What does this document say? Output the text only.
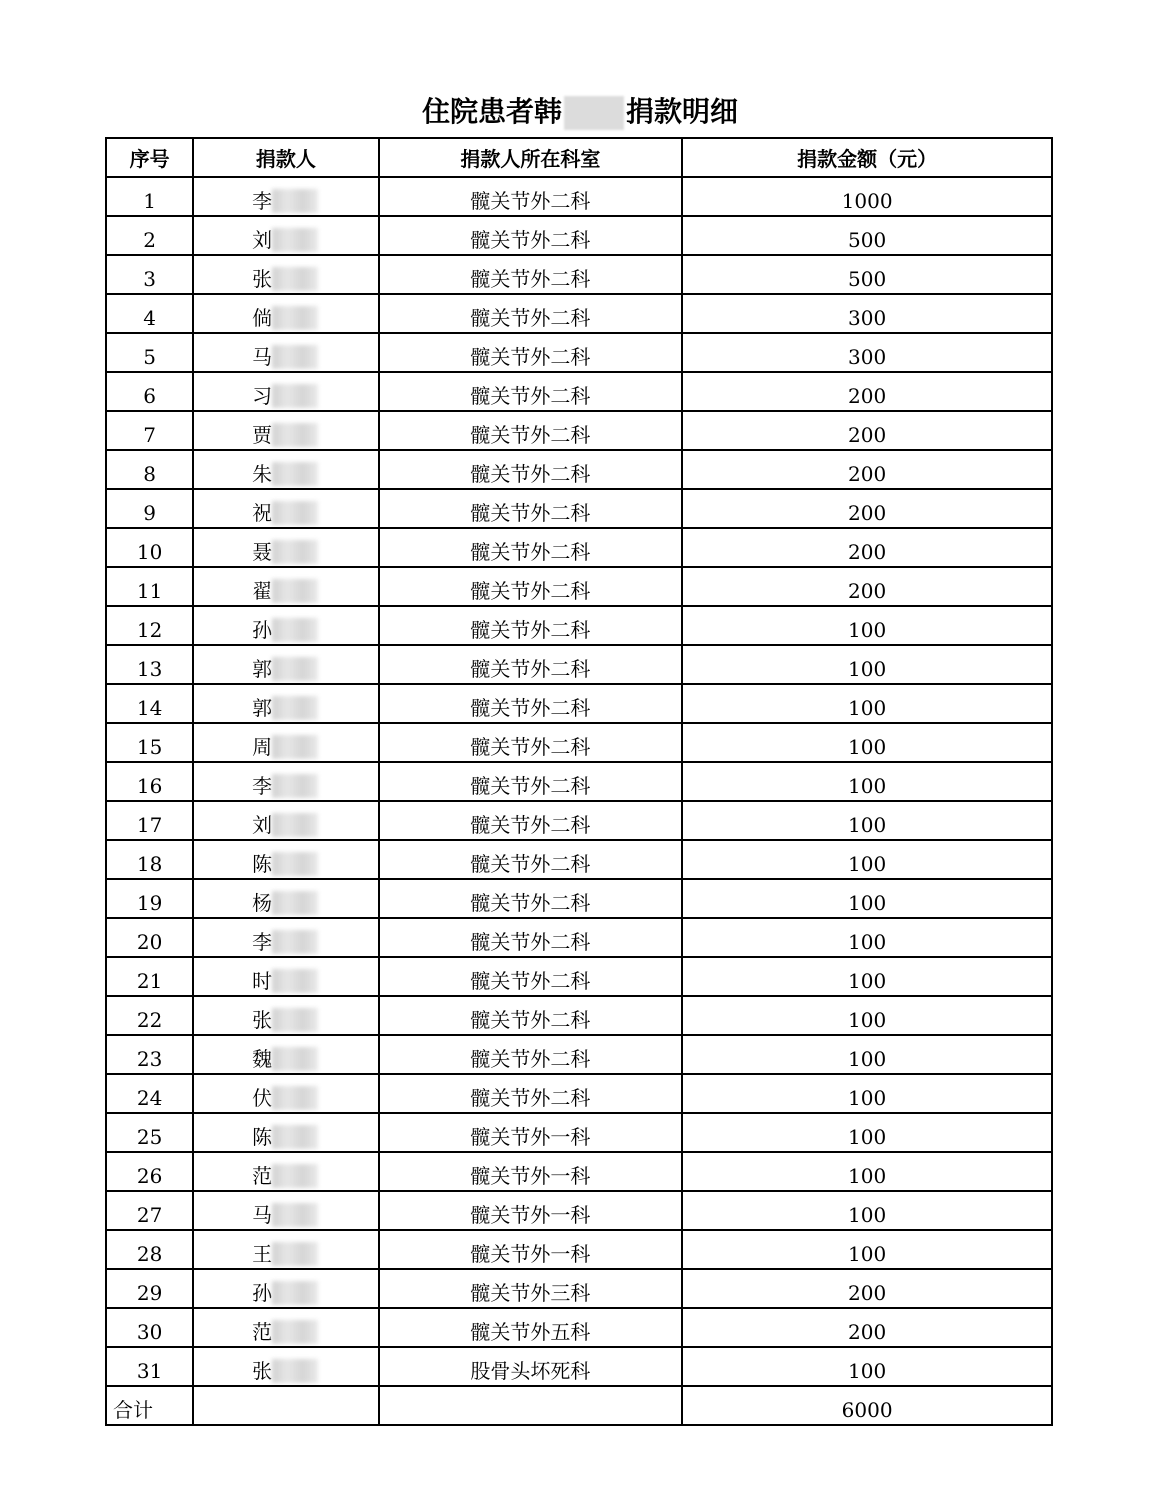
住院患者韩 捐款明细
序号	捐款人	捐款人所在科室	捐款金额（元）
1	李	髋关节外二科	1000
2	刘	髋关节外二科	500
3	张	髋关节外二科	500
4	倘	髋关节外二科	300
5	马	髋关节外二科	300
6	习	髋关节外二科	200
7	贾	髋关节外二科	200
8	朱	髋关节外二科	200
9	祝	髋关节外二科	200
10	聂	髋关节外二科	200
11	翟	髋关节外二科	200
12	孙	髋关节外二科	100
13	郭	髋关节外二科	100
14	郭	髋关节外二科	100
15	周	髋关节外二科	100
16	李	髋关节外二科	100
17	刘	髋关节外二科	100
18	陈	髋关节外二科	100
19	杨	髋关节外二科	100
20	李	髋关节外二科	100
21	时	髋关节外二科	100
22	张	髋关节外二科	100
23	魏	髋关节外二科	100
24	伏	髋关节外二科	100
25	陈	髋关节外一科	100
26	范	髋关节外一科	100
27	马	髋关节外一科	100
28	王	髋关节外一科	100
29	孙	髋关节外三科	200
30	范	髋关节外五科	200
31	张	股骨头坏死科	100
合计			6000
